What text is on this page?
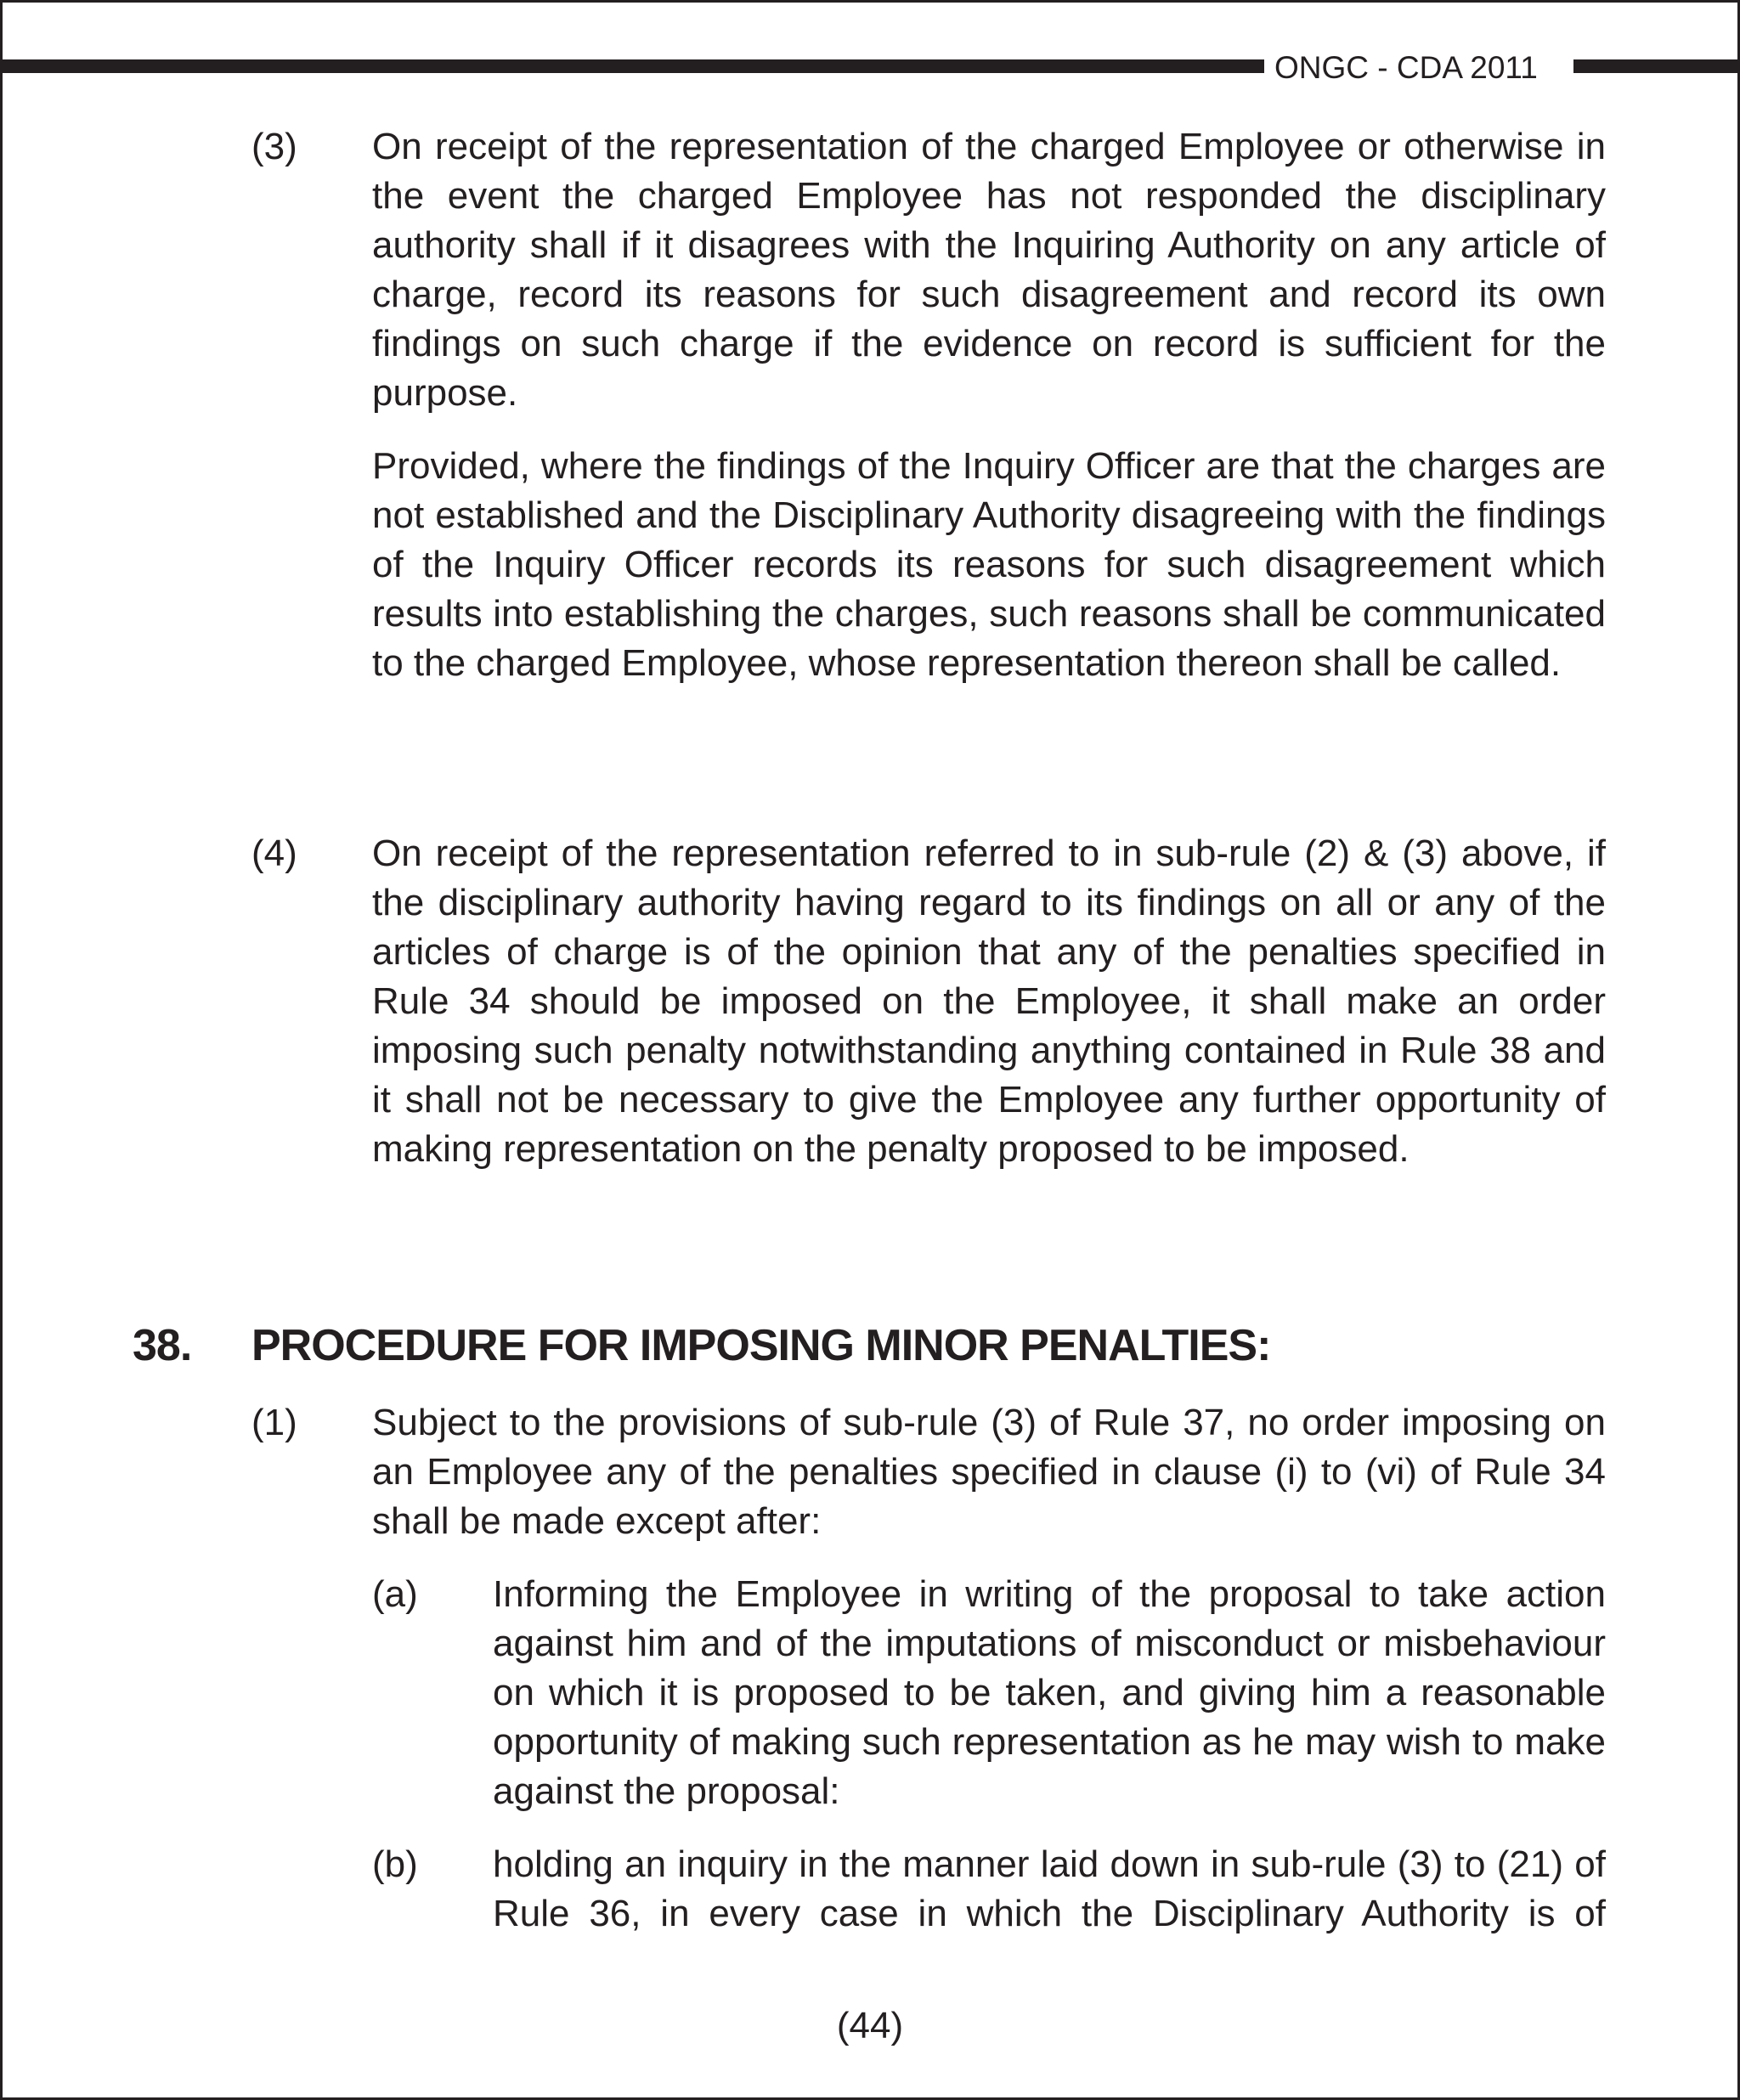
ONGC - CDA 2011
(3) On receipt of the representation of the charged Employee or otherwise in the event the charged Employee has not responded the disciplinary authority shall if it disagrees with the Inquiring Authority on any article of charge, record its reasons for such disagreement and record its own findings on such charge if the evidence on record is sufficient for the purpose.

Provided, where the findings of the Inquiry Officer are that the charges are not established and the Disciplinary Authority disagreeing with the findings of the Inquiry Officer records its reasons for such disagreement which results into establishing the charges, such reasons shall be communicated to the charged Employee, whose representation thereon shall be called.

(4) On receipt of the representation referred to in sub-rule (2) & (3) above, if the disciplinary authority having regard to its findings on all or any of the articles of charge is of the opinion that any of the penalties specified in Rule 34 should be imposed on the Employee, it shall make an order imposing such penalty notwithstanding anything contained in Rule 38 and it shall not be necessary to give the Employee any further opportunity of making representation on the penalty proposed to be imposed.

38. PROCEDURE FOR IMPOSING MINOR PENALTIES:
(1) Subject to the provisions of sub-rule (3) of Rule 37, no order imposing on an Employee any of the penalties specified in clause (i) to (vi) of Rule 34 shall be made except after:

(a) Informing the Employee in writing of the proposal to take action against him and of the imputations of misconduct or misbehaviour on which it is proposed to be taken, and giving him a reasonable opportunity of making such representation as he may wish to make against the proposal:

(b) holding an inquiry in the manner laid down in sub-rule (3) to (21) of Rule 36, in every case in which the Disciplinary Authority is of

(44)
